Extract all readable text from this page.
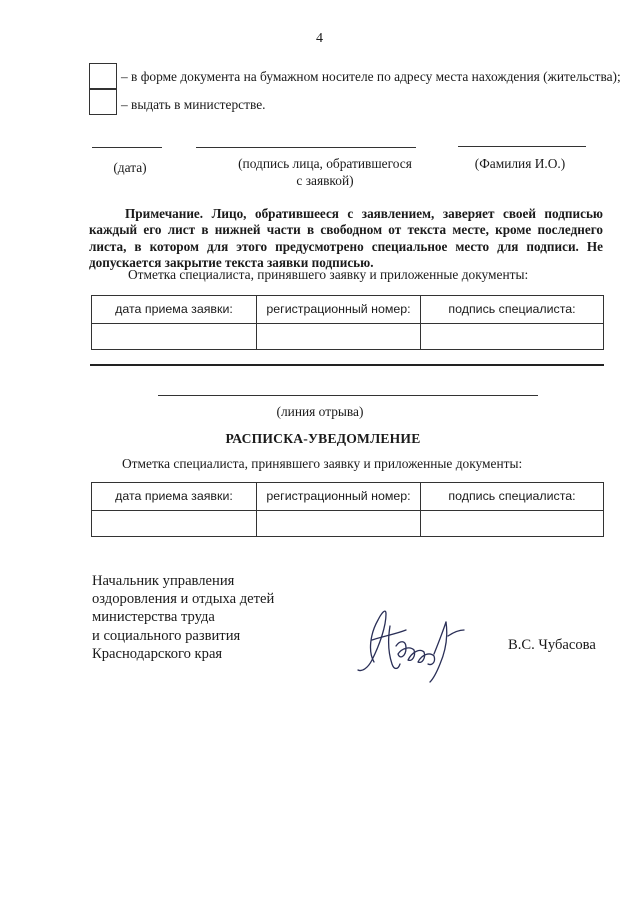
4
– в форме документа на бумажном носителе по адресу места нахождения (жительства);
– выдать в министерстве.
(дата)	(подпись лица, обратившегося
с заявкой)
(Фамилия И.О.)
Примечание. Лицо, обратившееся с заявлением, заверяет своей подписью каждый его лист в нижней части в свободном от текста месте, кроме последнего листа, в котором для этого предусмотрено специальное место для подписи. Не допускается закрытие текста заявки подписью.
Отметка специалиста, принявшего заявку и приложенные документы:
дата приема заявки:	регистрационный номер:	подпись специалиста:

(линия отрыва)
РАСПИСКА-УВЕДОМЛЕНИЕ
Отметка специалиста, принявшего заявку и приложенные документы:
дата приема заявки:	регистрационный номер:	подпись специалиста:

Начальник управления
оздоровления и отдыха детей
министерства труда
и социального развития
Краснодарского края
В.С. Чубасова
